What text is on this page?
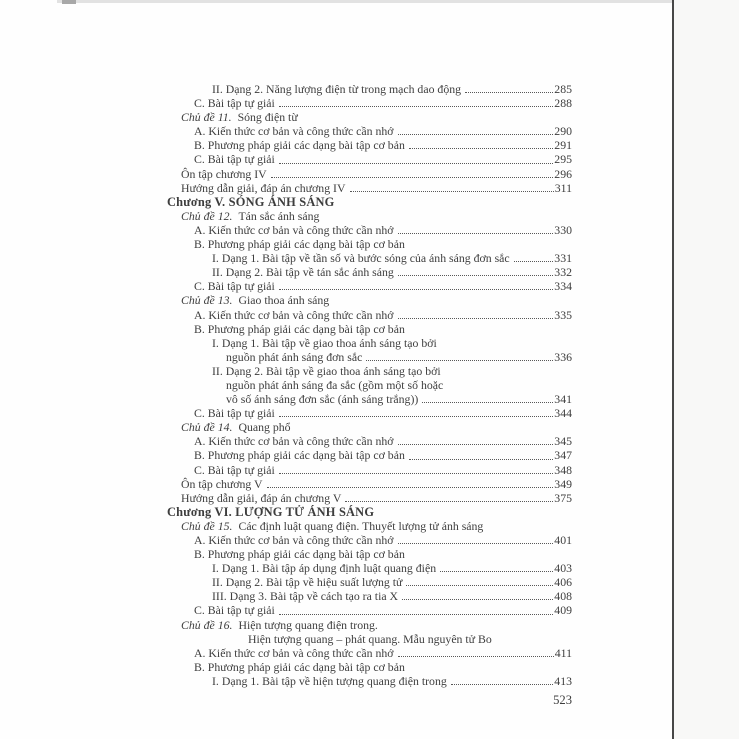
II. Dạng 2. Năng lượng điện từ trong mạch dao động	285
C. Bài tập tự giải	288
Chủ đề 11. Sóng điện từ
A. Kiến thức cơ bản và công thức cần nhớ	290
B. Phương pháp giải các dạng bài tập cơ bản	291
C. Bài tập tự giải	295
Ôn tập chương IV	296
Hướng dẫn giải, đáp án chương IV	311
Chương V. SÓNG ÁNH SÁNG
Chủ đề 12. Tán sắc ánh sáng
A. Kiến thức cơ bản và công thức cần nhớ	330
B. Phương pháp giải các dạng bài tập cơ bản
I. Dạng 1. Bài tập về tần số và bước sóng của ánh sáng đơn sắc	331
II. Dạng 2. Bài tập về tán sắc ánh sáng	332
C. Bài tập tự giải	334
Chủ đề 13. Giao thoa ánh sáng
A. Kiến thức cơ bản và công thức cần nhớ	335
B. Phương pháp giải các dạng bài tập cơ bản
I. Dạng 1. Bài tập về giao thoa ánh sáng tạo bởi
nguồn phát ánh sáng đơn sắc	336
II. Dạng 2. Bài tập về giao thoa ánh sáng tạo bởi
nguồn phát ánh sáng đa sắc (gồm một số hoặc
vô số ánh sáng đơn sắc (ánh sáng trắng))	341
C. Bài tập tự giải	344
Chủ đề 14. Quang phổ
A. Kiến thức cơ bản và công thức cần nhớ	345
B. Phương pháp giải các dạng bài tập cơ bản	347
C. Bài tập tự giải	348
Ôn tập chương V	349
Hướng dẫn giải, đáp án chương V	375
Chương VI. LƯỢNG TỬ ÁNH SÁNG
Chủ đề 15. Các định luật quang điện. Thuyết lượng tử ánh sáng
A. Kiến thức cơ bản và công thức cần nhớ	401
B. Phương pháp giải các dạng bài tập cơ bản
I. Dạng 1. Bài tập áp dụng định luật quang điện	403
II. Dạng 2. Bài tập về hiệu suất lượng tử	406
III. Dạng 3. Bài tập về cách tạo ra tia X	408
C. Bài tập tự giải	409
Chủ đề 16. Hiện tượng quang điện trong.
Hiện tượng quang – phát quang. Mẫu nguyên tử Bo
A. Kiến thức cơ bản và công thức cần nhớ	411
B. Phương pháp giải các dạng bài tập cơ bản
I. Dạng 1. Bài tập về hiện tượng quang điện trong	413
523
